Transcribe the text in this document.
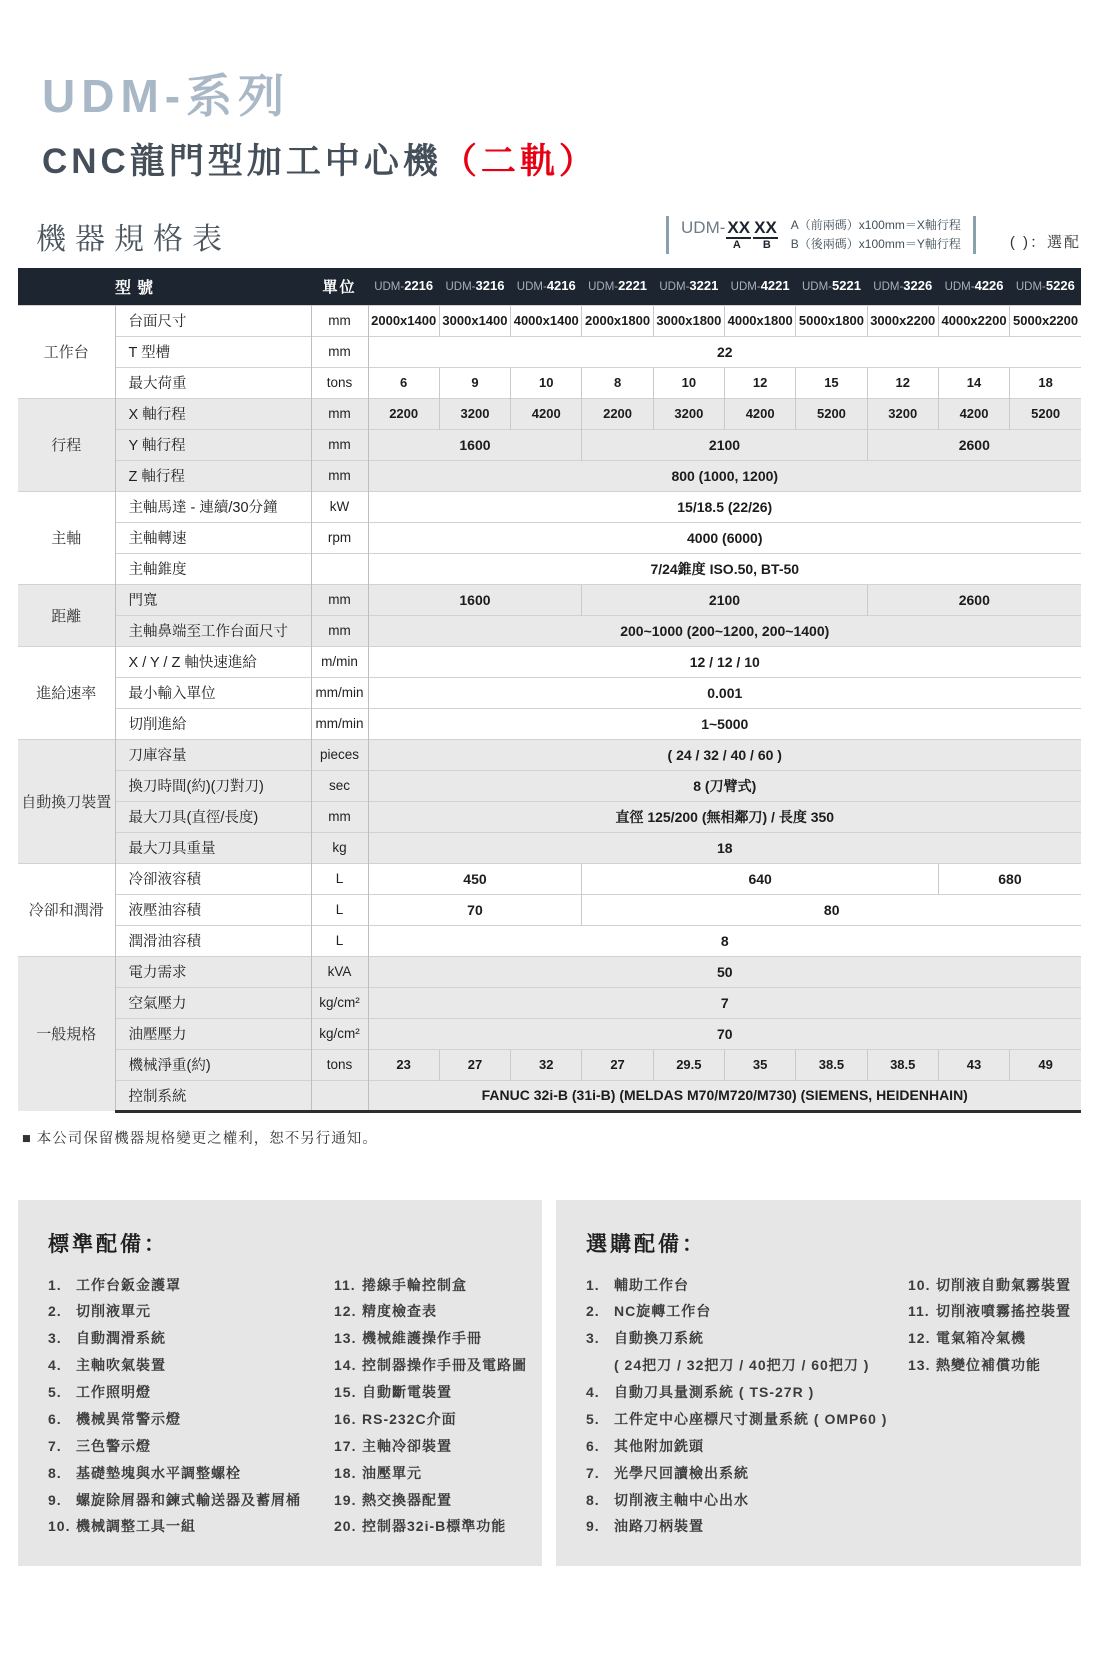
UDM-系列
CNC龍門型加工中心機（二軌）
機器規格表	UDM- XX XX
A B
A（前兩碼）x100mm＝X軸行程
B（後兩碼）x100mm＝Y軸行程	( )：選配
型號		單位	UDM-2216	UDM-3216	UDM-4216	UDM-2221	UDM-3221	UDM-4221	UDM-5221	UDM-3226	UDM-4226	UDM-5226
工作台	台面尺寸	mm	2000x1400	3000x1400	4000x1400	2000x1800	3000x1800	4000x1800	5000x1800	3000x2200	4000x2200	5000x2200
	T 型槽	mm	22									
	最大荷重	tons	6	9	10	8	10	12	15	12	14	18
行程	X 軸行程	mm	2200	3200	4200	2200	3200	4200	5200	3200	4200	5200
	Y 軸行程	mm	1600			2100				2600		
	Z 軸行程	mm	800 (1000, 1200)									
主軸	主軸馬達 - 連續/30分鐘	kW	15/18.5 (22/26)									
	主軸轉速	rpm	4000 (6000)									
	主軸錐度		7/24錐度 ISO.50, BT-50									
距離	門寬	mm	1600			2100				2600		
	主軸鼻端至工作台面尺寸	mm	200~1000 (200~1200, 200~1400)									
進給速率	X / Y / Z 軸快速進給	m/min	12 / 12 / 10									
	最小輸入單位	mm/min	0.001									
	切削進給	mm/min	1~5000									
自動換刀裝置	刀庫容量	pieces	( 24 / 32 / 40 / 60 )									
	換刀時間(約)(刀對刀)	sec	8 (刀臂式)									
	最大刀具(直徑/長度)	mm	直徑 125/200 (無相鄰刀) / 長度 350									
	最大刀具重量	kg	18									
冷卻和潤滑	冷卻液容積	L	450			640					680	
	液壓油容積	L	70			80						
	潤滑油容積	L	8									
一般規格	電力需求	kVA	50									
	空氣壓力	kg/cm²	7									
	油壓壓力	kg/cm²	70									
	機械淨重(約)	tons	23	27	32	27	29.5	35	38.5	38.5	43	49
	控制系統		FANUC 32i-B (31i-B) (MELDAS M70/M720/M730) (SIEMENS, HEIDENHAIN)									
■ 本公司保留機器規格變更之權利，恕不另行通知。
標準配備：
1.	工作台鈑金護罩
2.	切削液單元
3.	自動潤滑系統
4.	主軸吹氣裝置
5.	工作照明燈
6.	機械異常警示燈
7.	三色警示燈
8.	基礎墊塊與水平調整螺栓
9.	螺旋除屑器和鍊式輸送器及蓄屑桶
10. 機械調整工具一組
11. 捲線手輪控制盒
12. 精度檢查表
13. 機械維護操作手冊
14. 控制器操作手冊及電路圖
15. 自動斷電裝置
16. RS-232C介面
17. 主軸冷卻裝置
18. 油壓單元
19. 熱交換器配置
20. 控制器32i-B標準功能
選購配備：
1.	輔助工作台
2.	NC旋轉工作台
3.	自動換刀系統
( 24把刀 / 32把刀 / 40把刀 / 60把刀 )
4.	自動刀具量測系統 ( TS-27R )
5.	工件定中心座標尺寸測量系統 ( OMP60 )
6.	其他附加銑頭
7.	光學尺回讀檢出系統
8.	切削液主軸中心出水
9.	油路刀柄裝置
10. 切削液自動氣霧裝置
11. 切削液噴霧搖控裝置
12. 電氣箱冷氣機
13. 熱變位補償功能
